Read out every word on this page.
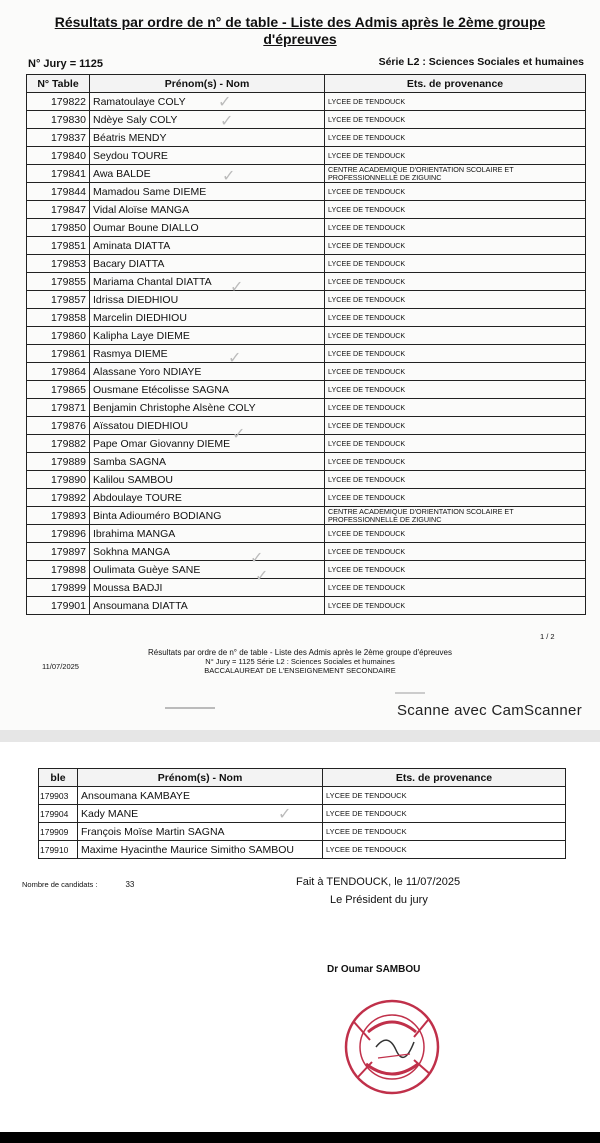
Résultats par ordre de n° de table - Liste des Admis après le 2ème groupe d'épreuves
N° Jury = 1125	Série L2 : Sciences Sociales et humaines
N° Table	Prénom(s) - Nom	Ets. de provenance
179822	Ramatoulaye COLY	LYCEE DE TENDOUCK
179830	Ndèye Saly COLY	LYCEE DE TENDOUCK
179837	Béatris MENDY	LYCEE DE TENDOUCK
179840	Seydou TOURE	LYCEE DE TENDOUCK
179841	Awa BALDE	CENTRE ACADEMIQUE D'ORIENTATION SCOLAIRE ET PROFESSIONNELLE DE ZIGUINC
179844	Mamadou Same DIEME	LYCEE DE TENDOUCK
179847	Vidal Aloïse MANGA	LYCEE DE TENDOUCK
179850	Oumar Boune DIALLO	LYCEE DE TENDOUCK
179851	Aminata DIATTA	LYCEE DE TENDOUCK
179853	Bacary DIATTA	LYCEE DE TENDOUCK
179855	Mariama Chantal DIATTA	LYCEE DE TENDOUCK
179857	Idrissa DIEDHIOU	LYCEE DE TENDOUCK
179858	Marcelin DIEDHIOU	LYCEE DE TENDOUCK
179860	Kalipha Laye DIEME	LYCEE DE TENDOUCK
179861	Rasmya DIEME	LYCEE DE TENDOUCK
179864	Alassane Yoro NDIAYE	LYCEE DE TENDOUCK
179865	Ousmane Etécolisse SAGNA	LYCEE DE TENDOUCK
179871	Benjamin Christophe Alsène COLY	LYCEE DE TENDOUCK
179876	Aïssatou DIEDHIOU	LYCEE DE TENDOUCK
179882	Pape Omar Giovanny DIEME	LYCEE DE TENDOUCK
179889	Samba SAGNA	LYCEE DE TENDOUCK
179890	Kalilou SAMBOU	LYCEE DE TENDOUCK
179892	Abdoulaye TOURE	LYCEE DE TENDOUCK
179893	Binta Adiouméro BODIANG	CENTRE ACADEMIQUE D'ORIENTATION SCOLAIRE ET PROFESSIONNELLE DE ZIGUINC
179896	Ibrahima MANGA	LYCEE DE TENDOUCK
179897	Sokhna MANGA	LYCEE DE TENDOUCK
179898	Oulimata Guèye SANE	LYCEE DE TENDOUCK
179899	Moussa BADJI	LYCEE DE TENDOUCK
179901	Ansoumana DIATTA	LYCEE DE TENDOUCK
✓
✓
✓
✓
✓
✓
✓
✓
1 / 2
Résultats par ordre de n° de table - Liste des Admis après le 2ème groupe d'épreuves
N° Jury = 1125 Série L2 : Sciences Sociales et humaines
BACCALAUREAT DE L'ENSEIGNEMENT SECONDAIRE
11/07/2025
Scanne avec CamScanner
ble	Prénom(s) - Nom	Ets. de provenance
179903	Ansoumana KAMBAYE	LYCEE DE TENDOUCK
179904	Kady MANE	LYCEE DE TENDOUCK
179909	François Moïse Martin SAGNA	LYCEE DE TENDOUCK
179910	Maxime Hyacinthe Maurice Simitho SAMBOU	LYCEE DE TENDOUCK
✓
Nombre de candidats :	33	Fait à TENDOUCK, le 11/07/2025
Le Président du jury
Dr Oumar SAMBOU
